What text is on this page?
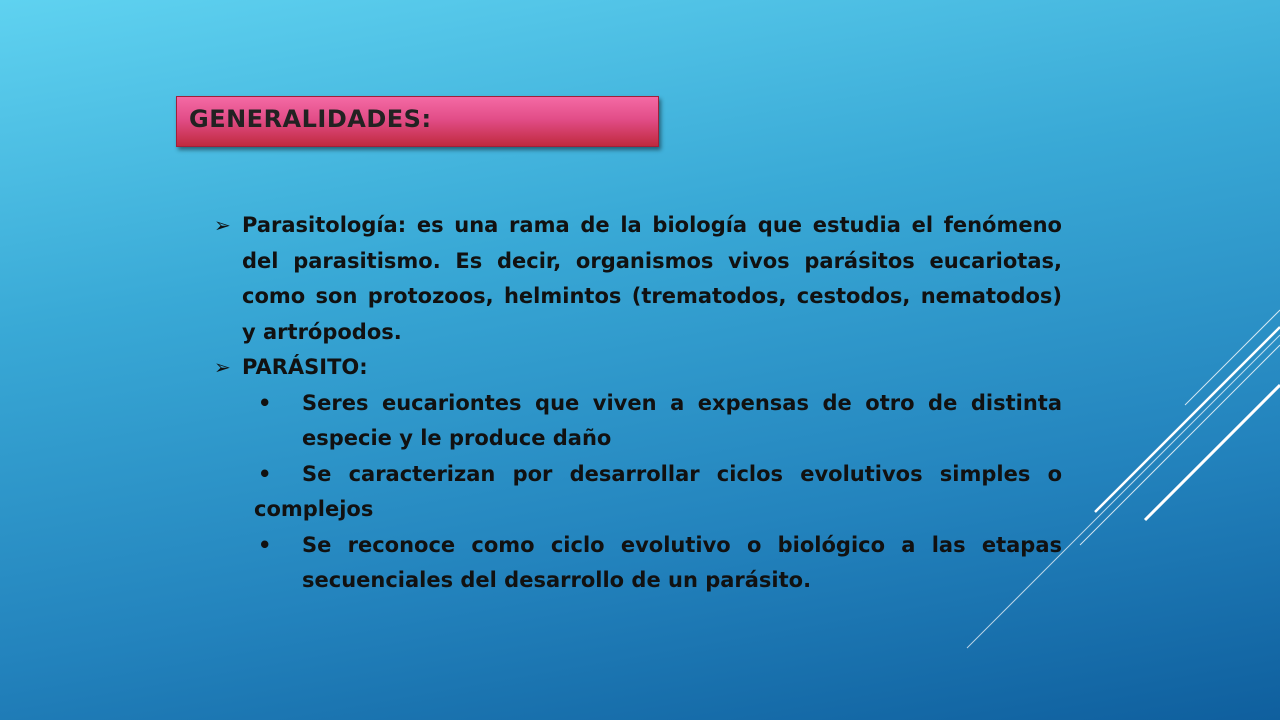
GENERALIDADES:
➢ Parasitología: es una rama de la biología que estudia el fenómeno del parasitismo. Es decir, organismos vivos parásitos eucariotas, como son protozoos, helmintos (trematodos, cestodos, nematodos) y artrópodos.
➢ PARÁSITO:
• Seres eucariontes que viven a expensas de otro de distinta especie y le produce daño
• Se caracterizan por desarrollar ciclos evolutivos simples o complejos
• Se reconoce como ciclo evolutivo o biológico a las etapas secuenciales del desarrollo de un parásito.
